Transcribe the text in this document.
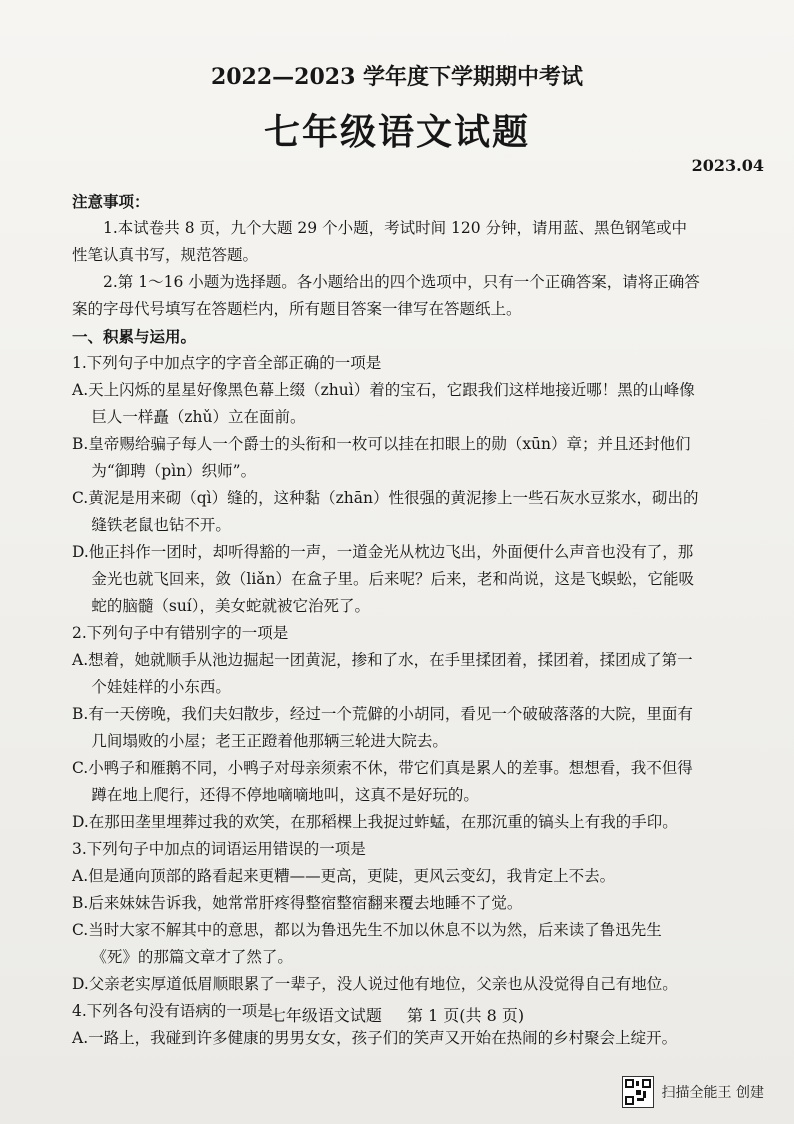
2022—2023 学年度下学期期中考试
七年级语文试题
2023.04

注意事项：

1.本试卷共 8 页，九个大题 29 个小题，考试时间 120 分钟，请用蓝、黑色钢笔或中性笔认真书写，规范答题。

2.第 1～16 小题为选择题。各小题给出的四个选项中，只有一个正确答案，请将正确答案的字母代号填写在答题栏内，所有题目答案一律写在答题纸上。

一、积累与运用。

1.下列句子中加点字的字音全部正确的一项是

A.天上闪烁的星星好像黑色幕上缀（zhuì）着的宝石，它跟我们这样地接近哪！黑的山峰像巨人一样矗（zhǔ）立在面前。

B.皇帝赐给骗子每人一个爵士的头衔和一枚可以挂在扣眼上的勋（xūn）章；并且还封他们为“御聘（pìn）织师”。

C.黄泥是用来砌（qì）缝的，这种黏（zhān）性很强的黄泥掺上一些石灰水豆浆水，砌出的缝铁老鼠也钻不开。

D.他正抖作一团时，却听得豁的一声，一道金光从枕边飞出，外面便什么声音也没有了，那金光也就飞回来，敛（liǎn）在盒子里。后来呢？后来，老和尚说，这是飞蜈蚣，它能吸蛇的脑髓（suí），美女蛇就被它治死了。

2.下列句子中有错别字的一项是

A.想着，她就顺手从池边掘起一团黄泥，掺和了水，在手里揉团着，揉团着，揉团成了第一个娃娃样的小东西。

B.有一天傍晚，我们夫妇散步，经过一个荒僻的小胡同，看见一个破破落落的大院，里面有几间塌败的小屋；老王正蹬着他那辆三轮进大院去。

C.小鸭子和雁鹅不同，小鸭子对母亲须索不休，带它们真是累人的差事。想想看，我不但得蹲在地上爬行，还得不停地嘀嘀地叫，这真不是好玩的。

D.在那田垄里埋葬过我的欢笑，在那稻棵上我捉过蚱蜢，在那沉重的镐头上有我的手印。

3.下列句子中加点的词语运用错误的一项是

A.但是通向顶部的路看起来更糟——更高，更陡，更风云变幻，我肯定上不去。

B.后来妹妹告诉我，她常常肝疼得整宿整宿翻来覆去地睡不了觉。

C.当时大家不解其中的意思，都以为鲁迅先生不加以休息不以为然，后来读了鲁迅先生《死》的那篇文章才了然了。

D.父亲老实厚道低眉顺眼累了一辈子，没人说过他有地位，父亲也从没觉得自己有地位。

4.下列各句没有语病的一项是

A.一路上，我碰到许多健康的男男女女，孩子们的笑声又开始在热闹的乡村聚会上绽开。

七年级语文试题 第 1 页(共 8 页)
扫描全能王 创建
